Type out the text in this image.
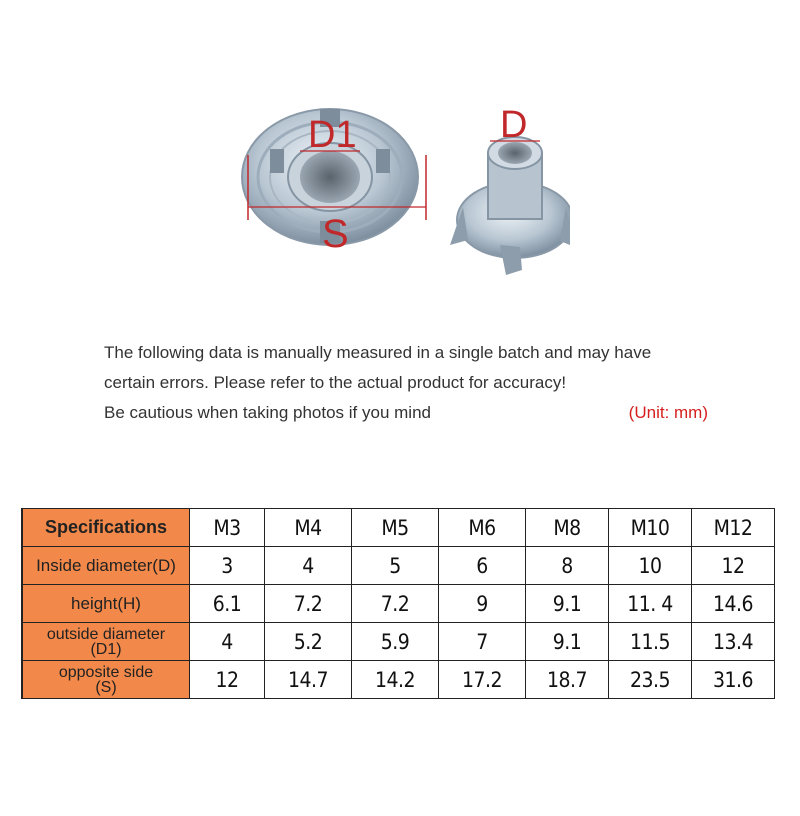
D1
S
D
The following data is manually measured in a single batch and may have
certain errors. Please refer to the actual product for accuracy!
Be cautious when taking photos if you mind	(Unit: mm)
Specifications	M3	M4	M5	M6	M8	M10	M12
Inside diameter(D)	3	4	5	6	8	10	12
height(H)	6.1	7.2	7.2	9	9.1	11. 4	14.6

outside diameter
(D1)	4	5.2	5.9	7	9.1	11.5	13.4

opposite side
(S)	12	14.7	14.2	17.2	18.7	23.5	31.6
